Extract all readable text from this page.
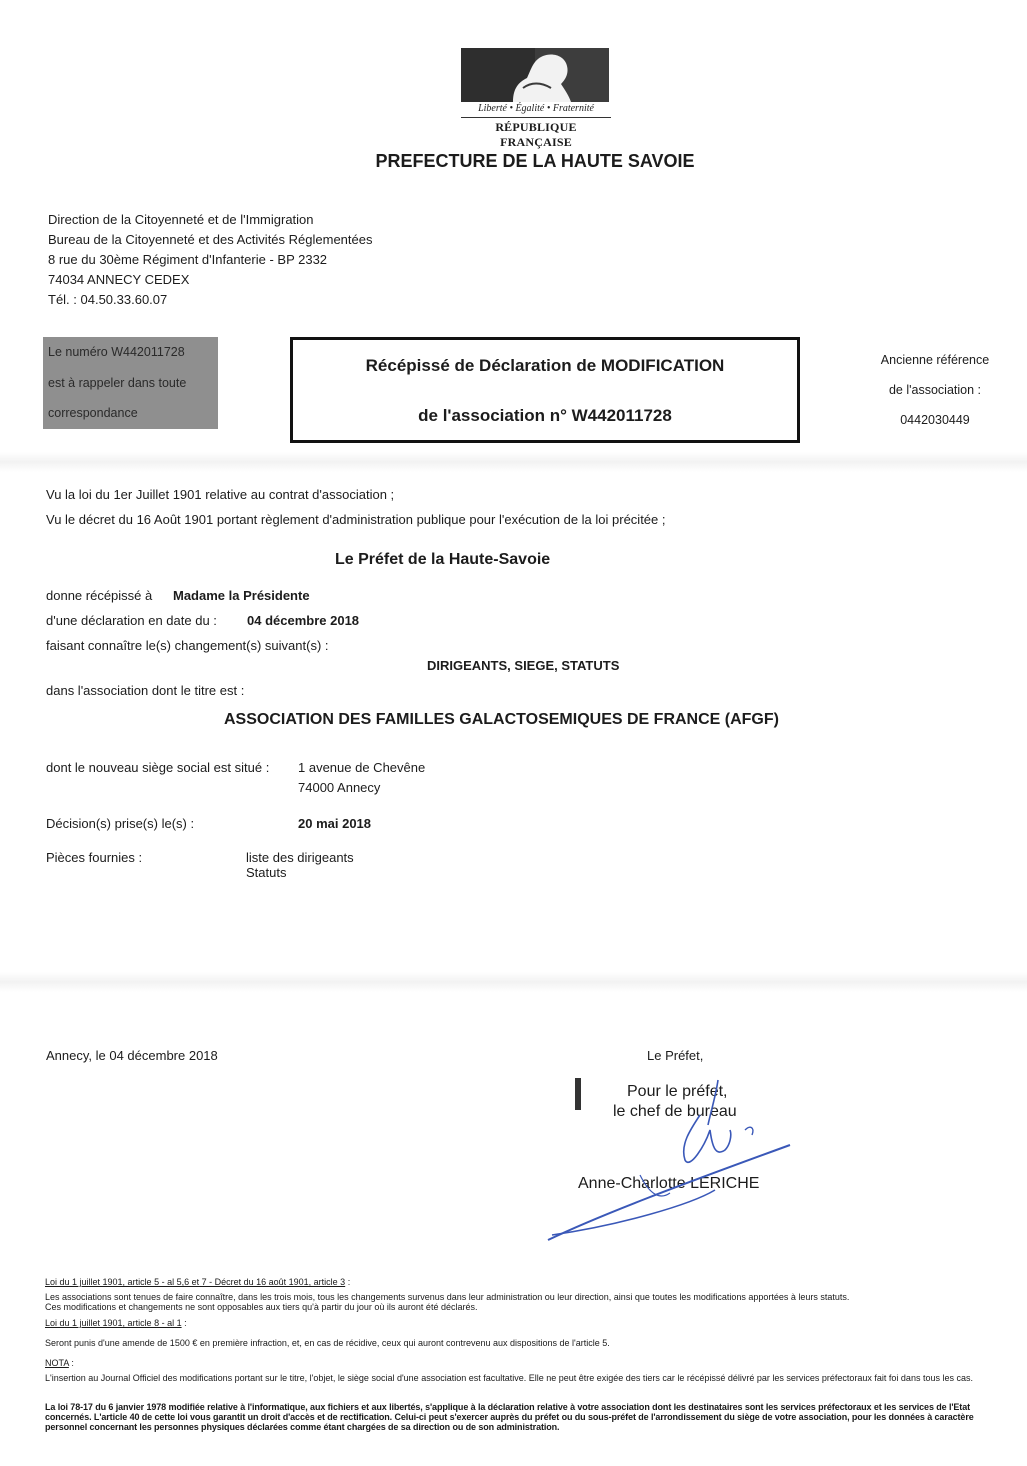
Liberté • Égalité • Fraternité
RÉPUBLIQUE FRANÇAISE
PREFECTURE DE LA HAUTE SAVOIE
Direction de la Citoyenneté et de l'Immigration
Bureau de la Citoyenneté et des Activités Réglementées
8 rue du 30ème Régiment d'Infanterie - BP 2332
74034 ANNECY CEDEX
Tél. : 04.50.33.60.07
Le numéro W442011728
est à rappeler dans toute
correspondance
Récépissé de Déclaration de MODIFICATION
de l'association n° W442011728
Ancienne référence
de l'association :
0442030449
Vu la loi du 1er Juillet 1901 relative au contrat d'association ;
Vu le décret du 16 Août 1901 portant règlement d'administration publique pour l'exécution de la loi précitée ;
Le Préfet de la Haute-Savoie
donne récépissé à Madame la Présidente
d'une déclaration en date du : 04 décembre 2018
faisant connaître le(s) changement(s) suivant(s) :
DIRIGEANTS, SIEGE, STATUTS
dans l'association dont le titre est :
ASSOCIATION DES FAMILLES GALACTOSEMIQUES DE FRANCE (AFGF)
dont le nouveau siège social est situé : 1 avenue de Chevêne
74000 Annecy
Décision(s) prise(s) le(s) :	20 mai 2018
Pièces fournies :	liste des dirigeants
Statuts
Annecy, le 04 décembre 2018	Le Préfet,
Pour le préfet,
le chef de bureau
Anne-Charlotte LERICHE
Loi du 1 juillet 1901, article 5 - al 5,6 et 7 - Décret du 16 août 1901, article 3 :
Les associations sont tenues de faire connaître, dans les trois mois, tous les changements survenus dans leur administration ou leur direction, ainsi que toutes les modifications apportées à leurs statuts.
Ces modifications et changements ne sont opposables aux tiers qu'à partir du jour où ils auront été déclarés.
Loi du 1 juillet 1901, article 8 - al 1 :
Seront punis d'une amende de 1500 € en première infraction, et, en cas de récidive, ceux qui auront contrevenu aux dispositions de l'article 5.
NOTA :
L'insertion au Journal Officiel des modifications portant sur le titre, l'objet, le siège social d'une association est facultative. Elle ne peut être exigée des tiers car le récépissé délivré par les services préfectoraux fait foi dans tous les cas.
La loi 78-17 du 6 janvier 1978 modifiée relative à l'informatique, aux fichiers et aux libertés, s'applique à la déclaration relative à votre association dont les destinataires sont les services préfectoraux et les services de l'Etat concernés. L'article 40 de cette loi vous garantit un droit d'accès et de rectification. Celui-ci peut s'exercer auprès du préfet ou du sous-préfet de l'arrondissement du siège de votre association, pour les données à caractère personnel concernant les personnes physiques déclarées comme étant chargées de sa direction ou de son administration.
